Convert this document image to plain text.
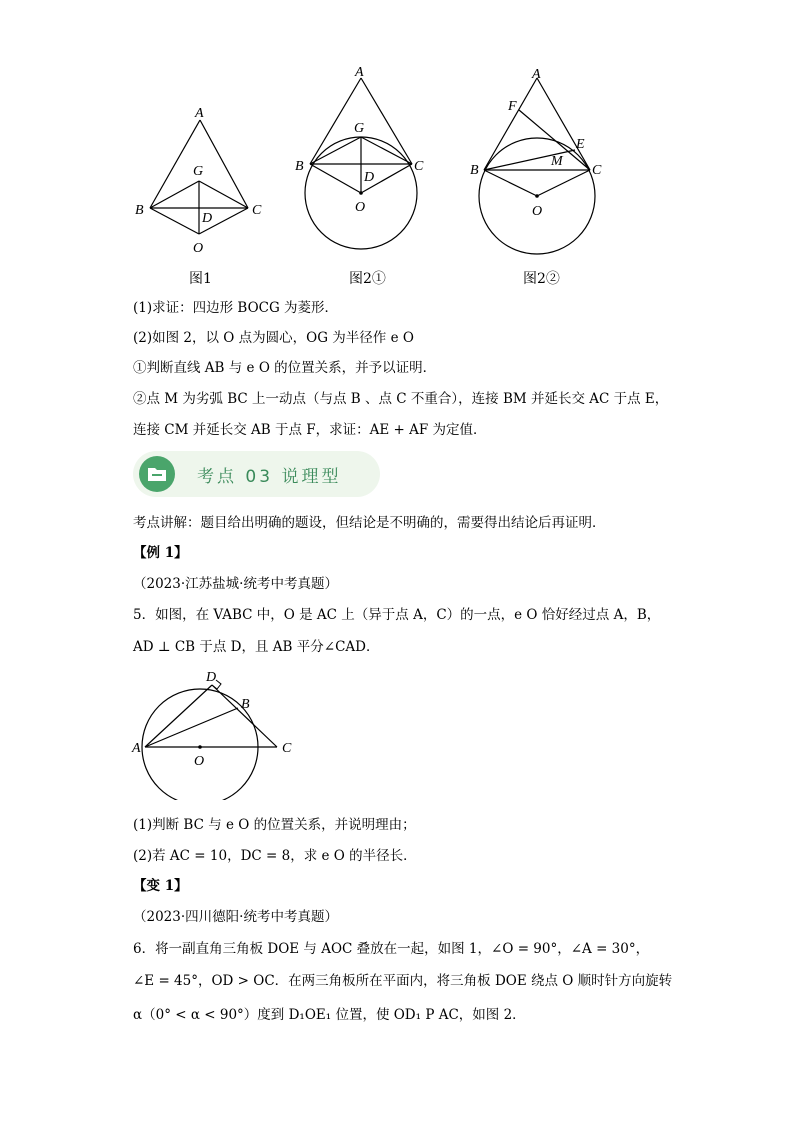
A
B	C
G
D
O
图1
A
B	C
G
D
O
图2①
A
F
E
M
B	C
O
图2②
(1)求证：四边形 BOCG 为菱形．
(2)如图 2，以 O 点为圆心，OG 为半径作 e O
①判断直线 AB 与 e O 的位置关系，并予以证明．
②点 M 为劣弧 BC 上一动点（与点 B 、点 C 不重合），连接 BM 并延长交 AC 于点 E，
连接 CM 并延长交 AB 于点 F，求证：AE + AF 为定值．
考点 03 说理型
考点讲解：题目给出明确的题设，但结论是不明确的，需要得出结论后再证明．
【例 1】
（2023·江苏盐城·统考中考真题）
5．如图，在 VABC 中，O 是 AC 上（异于点 A，C）的一点，e O 恰好经过点 A，B，
AD ⊥ CB 于点 D，且 AB 平分∠CAD．
D
B
A	C
O
(1)判断 BC 与 e O 的位置关系，并说明理由；
(2)若 AC = 10，DC = 8，求 e O 的半径长．
【变 1】
（2023·四川德阳·统考中考真题）
6．将一副直角三角板 DOE 与 AOC 叠放在一起，如图 1，∠O = 90°，∠A = 30°，
∠E = 45°，OD > OC．在两三角板所在平面内，将三角板 DOE 绕点 O 顺时针方向旋转
α（0° < α < 90°）度到 D₁OE₁ 位置，使 OD₁ P AC，如图 2．
